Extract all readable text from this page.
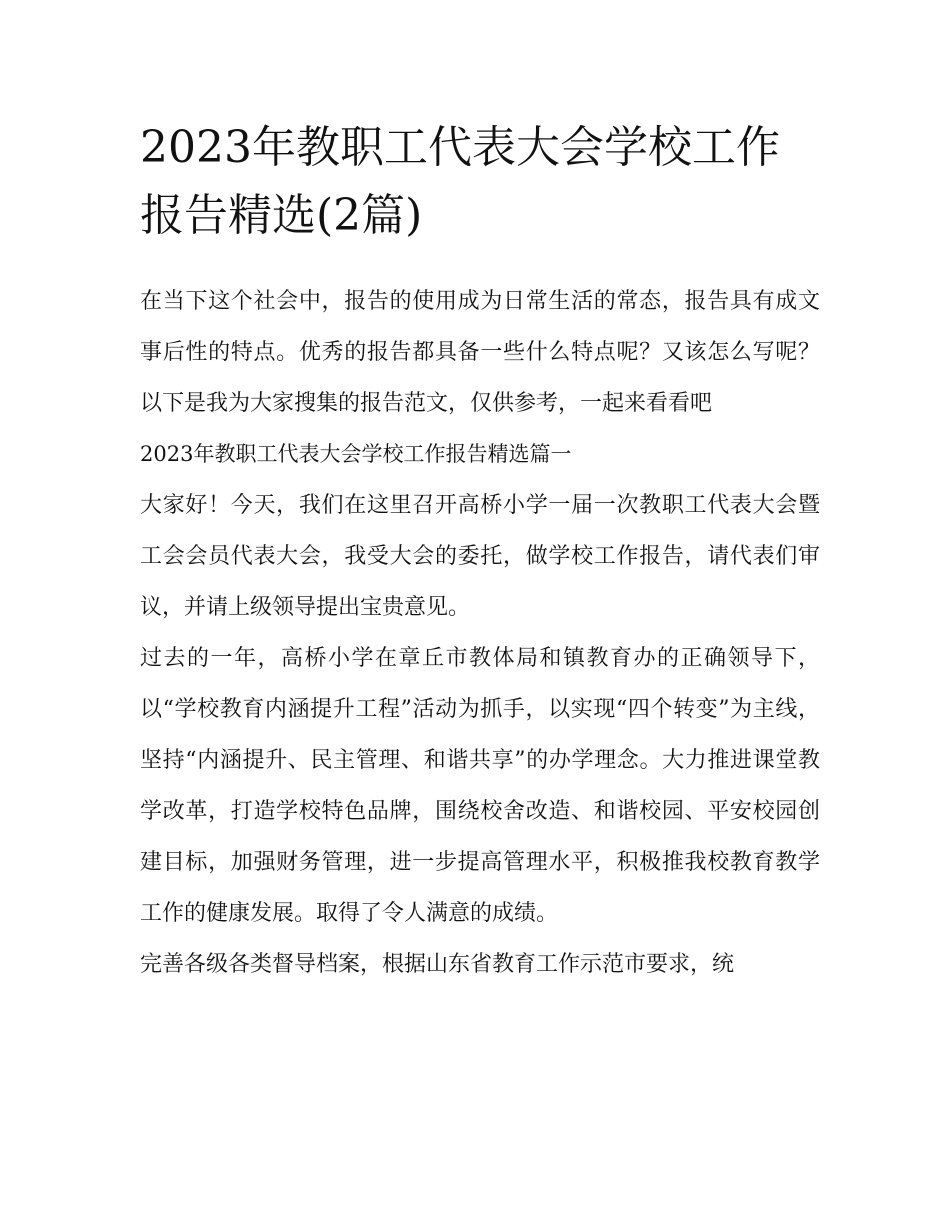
2023年教职工代表大会学校工作报告精选(2篇)

在当下这个社会中，报告的使用成为日常生活的常态，报告具有成文事后性的特点。优秀的报告都具备一些什么特点呢？又该怎么写呢？以下是我为大家搜集的报告范文，仅供参考，一起来看看吧

2023年教职工代表大会学校工作报告精选篇一

大家好！今天，我们在这里召开高桥小学一届一次教职工代表大会暨工会会员代表大会，我受大会的委托，做学校工作报告，请代表们审议，并请上级领导提出宝贵意见。

过去的一年，高桥小学在章丘市教体局和镇教育办的正确领导下，以“学校教育内涵提升工程”活动为抓手，以实现“四个转变”为主线，坚持“内涵提升、民主管理、和谐共享”的办学理念。大力推进课堂教学改革，打造学校特色品牌，围绕校舍改造、和谐校园、平安校园创建目标，加强财务管理，进一步提高管理水平，积极推我校教育教学工作的健康发展。取得了令人满意的成绩。

完善各级各类督导档案，根据山东省教育工作示范市要求，统
